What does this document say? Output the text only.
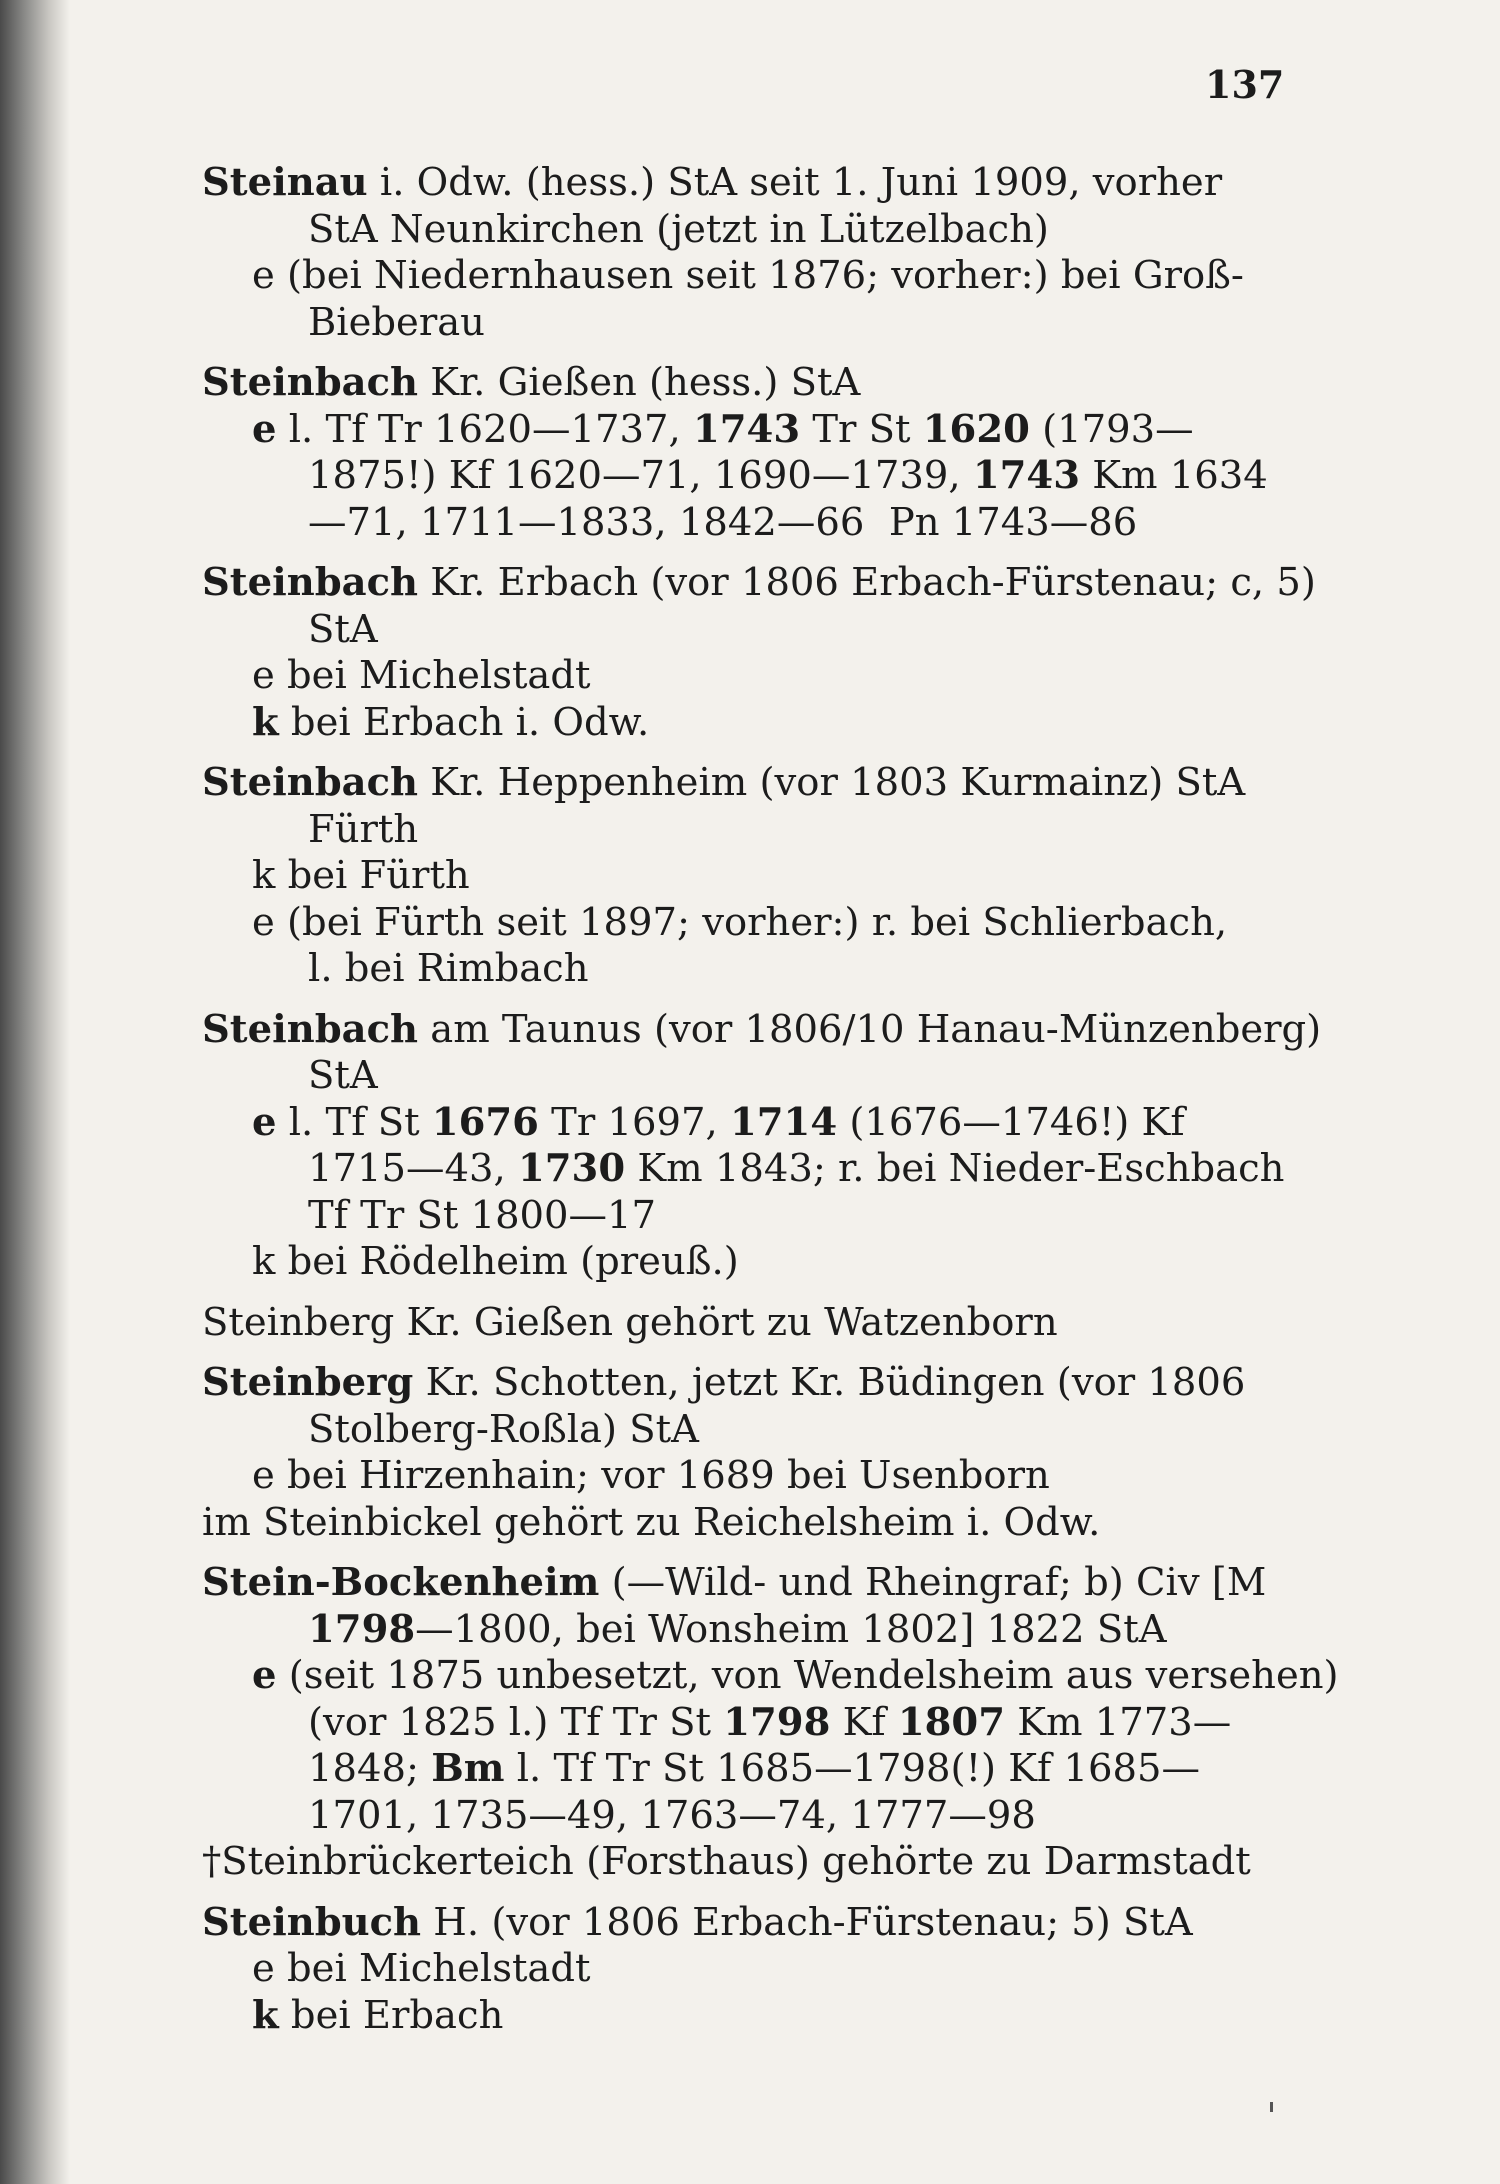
137
Steinau i. Odw. (hess.) StA seit 1. Juni 1909, vorher
StA Neunkirchen (jetzt in Lützelbach)
e (bei Niedernhausen seit 1876; vorher:) bei Groß-
Bieberau
Steinbach Kr. Gießen (hess.) StA
e l. Tf Tr 1620—1737, 1743 Tr St 1620 (1793—
1875!) Kf 1620—71, 1690—1739, 1743 Km 1634
—71, 1711—1833, 1842—66  Pn 1743—86
Steinbach Kr. Erbach (vor 1806 Erbach-Fürstenau; c, 5)
StA
e bei Michelstadt
k bei Erbach i. Odw.
Steinbach Kr. Heppenheim (vor 1803 Kurmainz) StA
Fürth
k bei Fürth
e (bei Fürth seit 1897; vorher:) r. bei Schlierbach,
l. bei Rimbach
Steinbach am Taunus (vor 1806/10 Hanau-Münzenberg)
StA
e l. Tf St 1676 Tr 1697, 1714 (1676—1746!) Kf
1715—43, 1730 Km 1843; r. bei Nieder-Eschbach
Tf Tr St 1800—17
k bei Rödelheim (preuß.)
Steinberg Kr. Gießen gehört zu Watzenborn
Steinberg Kr. Schotten, jetzt Kr. Büdingen (vor 1806
Stolberg-Roßla) StA
e bei Hirzenhain; vor 1689 bei Usenborn
im Steinbickel gehört zu Reichelsheim i. Odw.
Stein-Bockenheim (—Wild- und Rheingraf; b) Civ [M
1798—1800, bei Wonsheim 1802] 1822 StA
e (seit 1875 unbesetzt, von Wendelsheim aus versehen)
(vor 1825 l.) Tf Tr St 1798 Kf 1807 Km 1773—
1848; Bm l. Tf Tr St 1685—1798(!) Kf 1685—
1701, 1735—49, 1763—74, 1777—98
†Steinbrückerteich (Forsthaus) gehörte zu Darmstadt
Steinbuch H. (vor 1806 Erbach-Fürstenau; 5) StA
e bei Michelstadt
k bei Erbach
